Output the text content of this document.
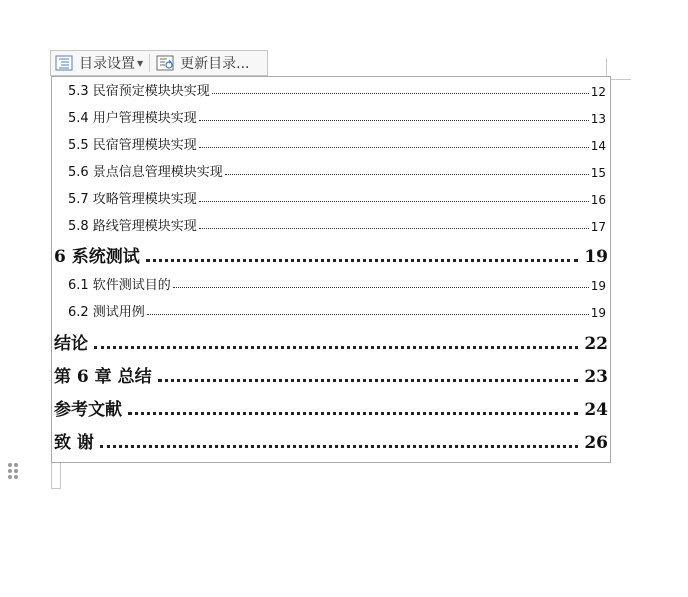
目录设置 ▼	更新目录...
5.3 民宿预定模块块实现	12
5.4 用户管理模块实现	13
5.5 民宿管理模块实现	14
5.6 景点信息管理模块实现	15
5.7 攻略管理模块实现	16
5.8 路线管理模块实现	17
6 系统测试	19
6.1 软件测试目的	19
6.2 测试用例	19
结论	22
第 6 章 总结	23
参考文献	24
致 谢	26
